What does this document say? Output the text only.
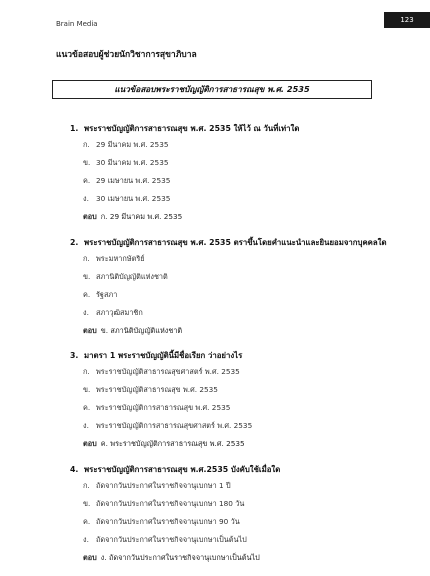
Brain Media	123
แนวข้อสอบผู้ช่วยนักวิชาการสุขาภิบาล
แนวข้อสอบพระราชบัญญัติการสาธารณสุข พ.ศ. 2535
1. พระราชบัญญัติการสาธารณสุข พ.ศ. 2535 ให้ไว้ ณ วันที่เท่าใด
ก. 29 มีนาคม พ.ศ. 2535
ข. 30 มีนาคม พ.ศ. 2535
ค. 29 เมษายน พ.ศ. 2535
ง. 30 เมษายน พ.ศ. 2535
ตอบ ก. 29 มีนาคม พ.ศ. 2535
2. พระราชบัญญัติการสาธารณสุข พ.ศ. 2535 ตราขึ้นโดยคำแนะนำและยินยอมจากบุคคลใด
ก. พระมหากษัตริย์
ข. สภานิติบัญญัติแห่งชาติ
ค. รัฐสภา
ง. สภาวุฒิสมาชิก
ตอบ ข. สภานิติบัญญัติแห่งชาติ
3. มาตรา 1 พระราชบัญญัตินี้มีชื่อเรียก ว่าอย่างไร
ก. พระราชบัญญัติสาธารณสุขศาสตร์ พ.ศ. 2535
ข. พระราชบัญญัติสาธารณสุข พ.ศ. 2535
ค. พระราชบัญญัติการสาธารณสุข พ.ศ. 2535
ง. พระราชบัญญัติการสาธารณสุขศาสตร์ พ.ศ. 2535
ตอบ ค. พระราชบัญญัติการสาธารณสุข พ.ศ. 2535
4. พระราชบัญญัติการสาธารณสุข พ.ศ.2535 บังคับใช้เมื่อใด
ก. ถัดจากวันประกาศในราชกิจจานุเบกษา 1 ปี
ข. ถัดจากวันประกาศในราชกิจจานุเบกษา 180 วัน
ค. ถัดจากวันประกาศในราชกิจจานุเบกษา 90 วัน
ง. ถัดจากวันประกาศในราชกิจจานุเบกษาเป็นต้นไป
ตอบ ง. ถัดจากวันประกาศในราชกิจจานุเบกษาเป็นต้นไป
